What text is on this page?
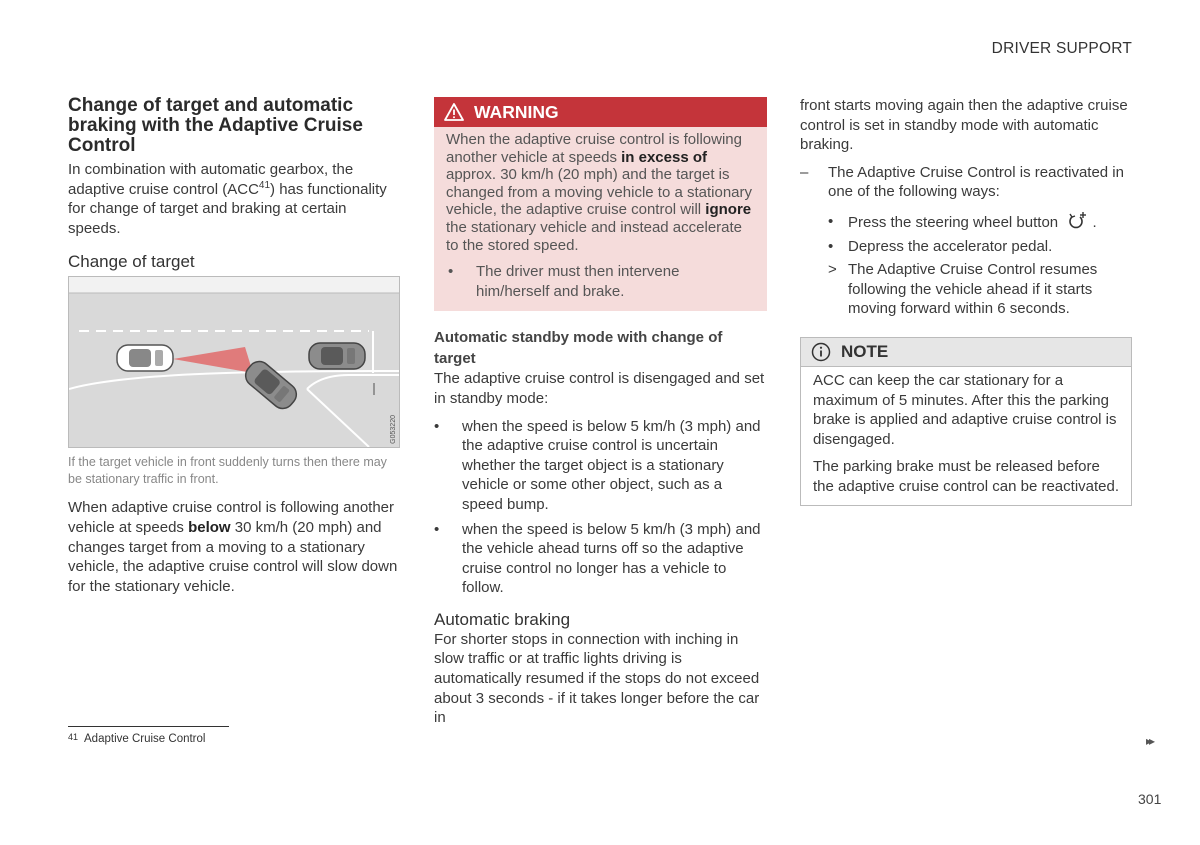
DRIVER SUPPORT
Change of target and automatic braking with the Adaptive Cruise Control

In combination with automatic gearbox, the adaptive cruise control (ACC$^{41}$) has functionality for change of target and braking at certain speeds.

Change of target
G053220

If the target vehicle in front suddenly turns then there may be stationary traffic in front.

When adaptive cruise control is following another vehicle at speeds below 30 km/h (20 mph) and changes target from a moving to a stationary vehicle, the adaptive cruise control will slow down for the stationary vehicle.

WARNING

When the adaptive cruise control is following another vehicle at speeds in excess of approx. 30 km/h (20 mph) and the target is changed from a moving vehicle to a stationary vehicle, the adaptive cruise control will ignore the stationary vehicle and instead accelerate to the stored speed.

•	The driver must then intervene him/herself and brake.
Automatic standby mode with change of target

The adaptive cruise control is disengaged and set in standby mode:

•	when the speed is below 5 km/h (3 mph) and the adaptive cruise control is uncertain whether the target object is a stationary vehicle or some other object, such as a speed bump.
•	when the speed is below 5 km/h (3 mph) and the vehicle ahead turns off so the adaptive cruise control no longer has a vehicle to follow.
Automatic braking

For shorter stops in connection with inching in slow traffic or at traffic lights driving is automatically resumed if the stops do not exceed about 3 seconds - if it takes longer before the car in

front starts moving again then the adaptive cruise control is set in standby mode with automatic braking.

–	The Adaptive Cruise Control is reactivated in one of the following ways:
• Press the steering wheel button .
• Depress the accelerator pedal.
> The Adaptive Cruise Control resumes following the vehicle ahead if it starts moving forward within 6 seconds.
NOTE

ACC can keep the car stationary for a maximum of 5 minutes. After this the parking brake is applied and adaptive cruise control is disengaged.

The parking brake must be released before the adaptive cruise control can be reactivated.

41 Adaptive Cruise Control	▸▸
301
